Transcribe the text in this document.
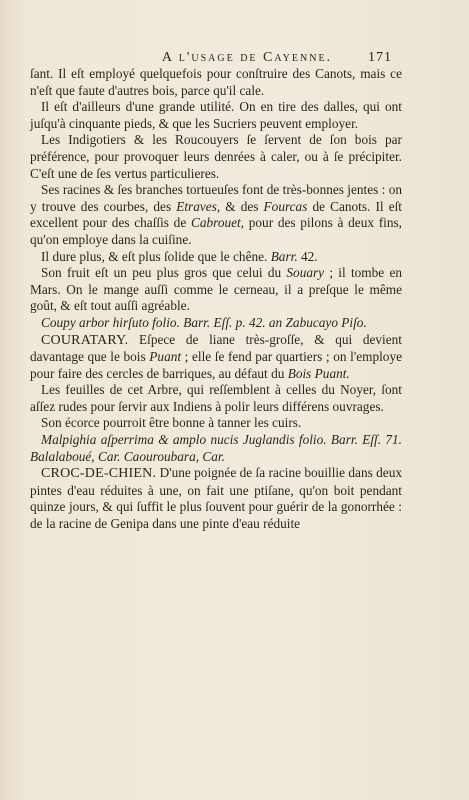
A l'usage de Cayenne.	171

ſant. Il eſt employé quelquefois pour conſtruire des Canots, mais ce n'eſt que faute d'autres bois, parce qu'il cale.

Il eſt d'ailleurs d'une grande utilité. On en tire des dalles, qui ont juſqu'à cinquante pieds, & que les Sucriers peuvent employer.

Les Indigotiers & les Roucouyers ſe ſervent de ſon bois par préférence, pour provoquer leurs denrées à caler, ou à ſe précipiter. C'eſt une de ſes vertus particulieres.

Ses racines & ſes branches tortueuſes font de très-bonnes jentes : on y trouve des courbes, des Etraves, & des Fourcas de Canots. Il eſt excellent pour des chaſſis de Cabrouet, pour des pilons à deux fins, qu'on employe dans la cuiſine.

Il dure plus, & eſt plus ſolide que le chêne. Barr. 42.

Son fruit eſt un peu plus gros que celui du Souary ; il tombe en Mars. On le mange auſſi comme le cerneau, il a preſque le même goût, & eſt tout auſſi agréable.

Coupy arbor hirſuto folio. Barr. Eſſ. p. 42. an Zabucayo Piſo.

COURATARY. Eſpece de liane très-groſſe, & qui devient davantage que le bois Puant ; elle ſe fend par quartiers ; on l'employe pour faire des cercles de barriques, au défaut du Bois Puant.

Les feuilles de cet Arbre, qui reſſemblent à celles du Noyer, ſont aſſez rudes pour ſervir aux Indiens à polir leurs différens ouvrages.

Son écorce pourroit être bonne à tanner les cuirs.

Malpighia aſperrima & amplo nucis Juglandis folio. Barr. Eſſ. 71. Balalaboué, Car. Caouroubara, Car.

CROC-DE-CHIEN. D'une poignée de ſa racine bouillie dans deux pintes d'eau réduites à une, on fait une ptiſane, qu'on boit pendant quinze jours, & qui ſuffit le plus ſouvent pour guérir de la gonorrhée : de la racine de Genipa dans une pinte d'eau réduite
